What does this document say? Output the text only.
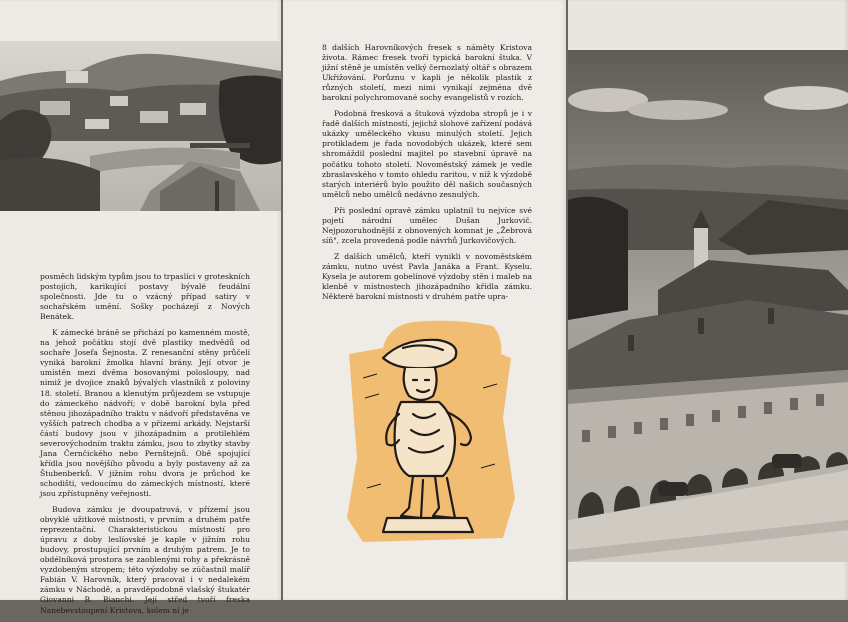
posměch lidským typům jsou to trpaslíci v groteskních postojích, karikující postavy bývalé feudální společnosti. Jde tu o vzácný případ satiry v sochařském umění. Sošky pocházejí z Nových Benátek.

K zámecké bráně se přichází po kamenném mostě, na jehož počátku stojí dvě plastiky medvědů od sochaře Josefa Šejnosta. Z renesanční stěny průčelí vyniká barokní žmolka hlavní brány. Její otvor je umístěn mezi dvěma bosovanými polosloupy, nad nimiž je dvojice znaků bývalých vlastníků z poloviny 18. století. Branou a klenutým průjezdem se vstupuje do zámeckého nádvoří; v době barokní byla před stěnou jihozápadního traktu v nádvoří představěna ve vyšších patrech chodba a v přízemí arkády. Nejstarší částí budovy jsou v jihozápadním a protilehlém severovýchodním traktu zámku, jsou to zbytky stavby Jana Černčického nebo Pernštejnů. Obě spojující křídla jsou novějšího původu a byly postaveny až za Štubenberků. V jižním rohu dvora je průchod ke schodišti, vedoucímu do zámeckých místností, které jsou zpřístupněny veřejnosti.

Budova zámku je dvoupatrová, v přízemí jsou obvyklé užitkové místnosti, v prvním a druhém patře reprezentační. Charakteristickou místností pro úpravu z doby leslíovské je kaple v jižním rohu budovy, prostupující prvním a druhým patrem. Je to obdélníková prostora se zaoblenými rohy a překrásně vyzdobeným stropem; této výzdoby se zúčastnil malíř Fabián V. Harovník, který pracoval i v nedalekém zámku v Náchodě, a pravděpodobně vlašský štukatér Giovanni B. Bianchi. Její střed tvoří freska Nanebevstoupení Kristova, kolem ní je

8 dalších Harovníkových fresek s náměty Kristova života. Rámec fresek tvoří typická barokní štuka. V jižní stěně je umístěn velký černozlatý oltář s obrazem Ukřižování. Porůznu v kapli je několik plastik z různých století, mezi nimi vynikají zejména dvě barokní polychromované sochy evangelistů v rozích.

Podobná fresková a štuková výzdoba stropů je i v řadě dalších místností, jejichž slohové zařízení podává ukázky uměleckého vkusu minulých století. Jejich protikladem je řada novodobých ukázek, které sem shromáždil poslední majitel po stavební úpravě na počátku tohoto století. Novoměstský zámek je vedle zbraslavského v tomto ohledu raritou, v níž k výzdobě starých interiérů bylo použito děl našich současných umělců nebo umělců nedávno zesnulých.

Při poslední opravě zámku uplatnil tu nejvíce své pojetí národní umělec Dušan Jurkovič. Nejpozoruhodnější z obnovených komnat je „Žebrová síň", zcela provedená podle návrhů Jurkovičových.

Z dalších umělců, kteří vynikli v novoměstském zámku, nutno uvést Pavla Janáka a Frant. Kyselu. Kysela je autorem gobelínové výzdoby stěn i maleb na klenbě v místnostech jihozápadního křídla zámku. Některé barokní místnosti v druhém patře upra-
